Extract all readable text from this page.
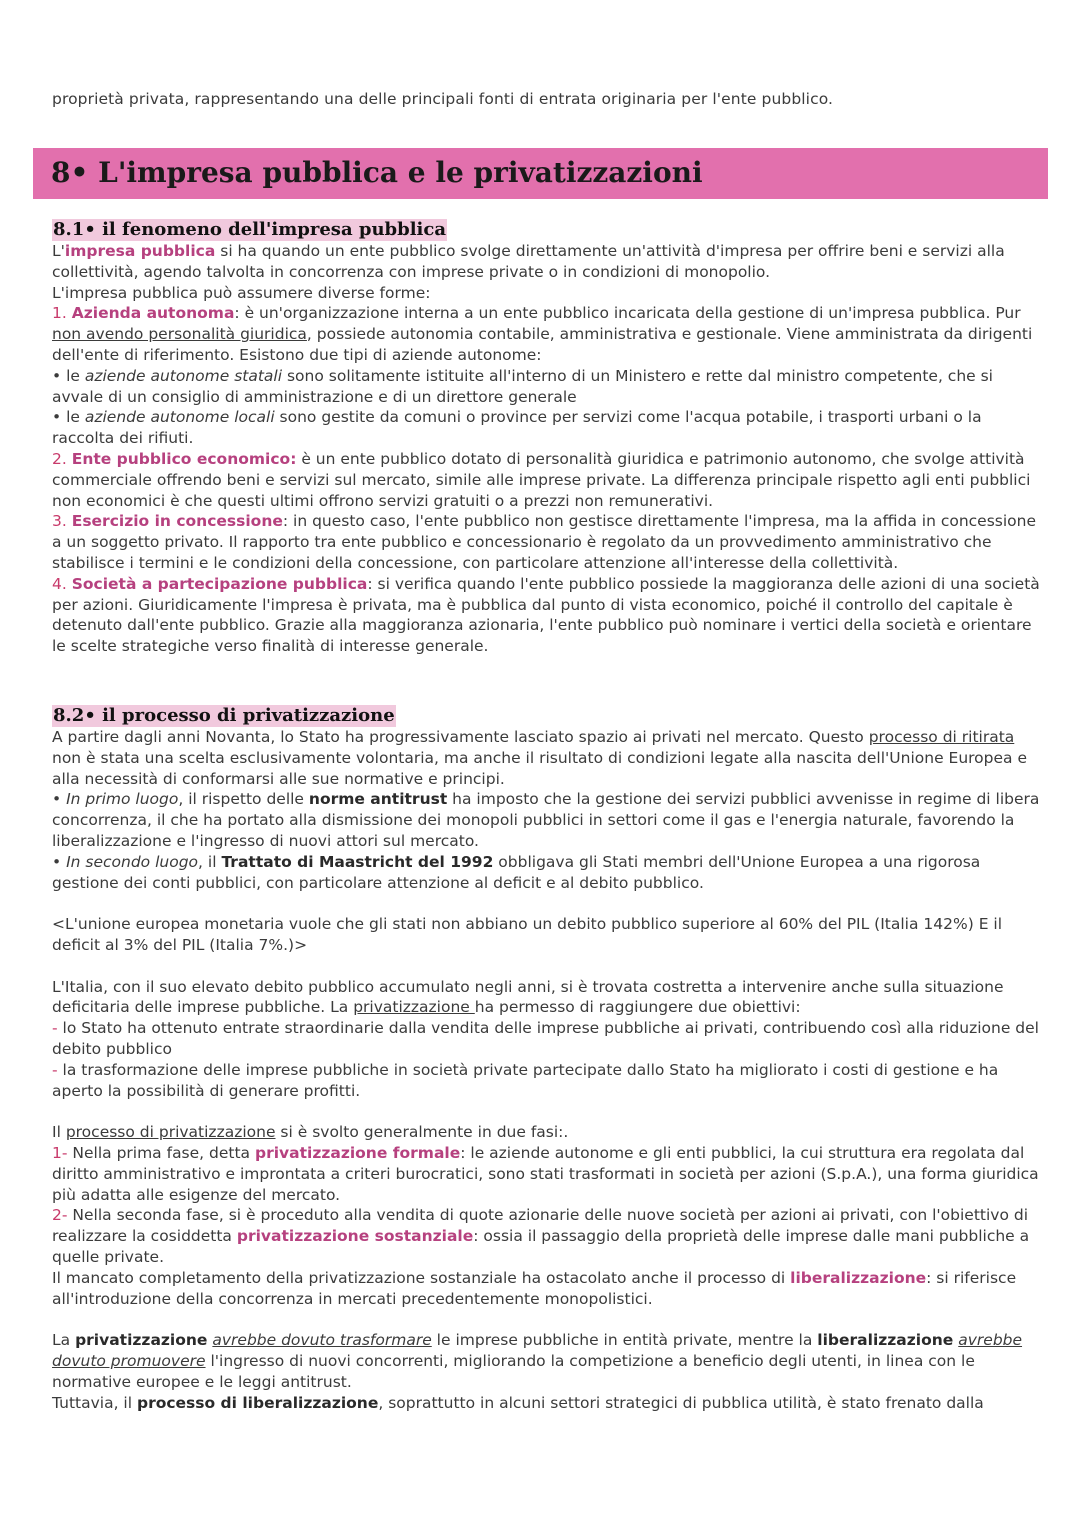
proprietà privata, rappresentando una delle principali fonti di entrata originaria per l'ente pubblico.

8• L'impresa pubblica e le privatizzazioni
8.1• il fenomeno dell'impresa pubblica

L'impresa pubblica si ha quando un ente pubblico svolge direttamente un'attività d'impresa per offrire beni e servizi alla collettività, agendo talvolta in concorrenza con imprese private o in condizioni di monopolio.

L'impresa pubblica può assumere diverse forme:

1. Azienda autonoma: è un'organizzazione interna a un ente pubblico incaricata della gestione di un'impresa pubblica. Pur non avendo personalità giuridica, possiede autonomia contabile, amministrativa e gestionale. Viene amministrata da dirigenti dell'ente di riferimento. Esistono due tipi di aziende autonome:

• le aziende autonome statali sono solitamente istituite all'interno di un Ministero e rette dal ministro competente, che si avvale di un consiglio di amministrazione e di un direttore generale

• le aziende autonome locali sono gestite da comuni o province per servizi come l'acqua potabile, i trasporti urbani o la raccolta dei rifiuti.

2. Ente pubblico economico: è un ente pubblico dotato di personalità giuridica e patrimonio autonomo, che svolge attività commerciale offrendo beni e servizi sul mercato, simile alle imprese private. La differenza principale rispetto agli enti pubblici non economici è che questi ultimi offrono servizi gratuiti o a prezzi non remunerativi.

3. Esercizio in concessione: in questo caso, l'ente pubblico non gestisce direttamente l'impresa, ma la affida in concessione a un soggetto privato. Il rapporto tra ente pubblico e concessionario è regolato da un provvedimento amministrativo che stabilisce i termini e le condizioni della concessione, con particolare attenzione all'interesse della collettività.

4. Società a partecipazione pubblica: si verifica quando l'ente pubblico possiede la maggioranza delle azioni di una società per azioni. Giuridicamente l'impresa è privata, ma è pubblica dal punto di vista economico, poiché il controllo del capitale è detenuto dall'ente pubblico. Grazie alla maggioranza azionaria, l'ente pubblico può nominare i vertici della società e orientare le scelte strategiche verso finalità di interesse generale.

8.2• il processo di privatizzazione

A partire dagli anni Novanta, lo Stato ha progressivamente lasciato spazio ai privati nel mercato. Questo processo di ritirata non è stata una scelta esclusivamente volontaria, ma anche il risultato di condizioni legate alla nascita dell'Unione Europea e alla necessità di conformarsi alle sue normative e principi.

• In primo luogo, il rispetto delle norme antitrust ha imposto che la gestione dei servizi pubblici avvenisse in regime di libera concorrenza, il che ha portato alla dismissione dei monopoli pubblici in settori come il gas e l'energia naturale, favorendo la liberalizzazione e l'ingresso di nuovi attori sul mercato.

• In secondo luogo, il Trattato di Maastricht del 1992 obbligava gli Stati membri dell'Unione Europea a una rigorosa gestione dei conti pubblici, con particolare attenzione al deficit e al debito pubblico.

<L'unione europea monetaria vuole che gli stati non abbiano un debito pubblico superiore al 60% del PIL (Italia 142%) E il deficit al 3% del PIL (Italia 7%.)>

L'Italia, con il suo elevato debito pubblico accumulato negli anni, si è trovata costretta a intervenire anche sulla situazione deficitaria delle imprese pubbliche. La privatizzazione ha permesso di raggiungere due obiettivi:

- lo Stato ha ottenuto entrate straordinarie dalla vendita delle imprese pubbliche ai privati, contribuendo così alla riduzione del debito pubblico

- la trasformazione delle imprese pubbliche in società private partecipate dallo Stato ha migliorato i costi di gestione e ha aperto la possibilità di generare profitti.

Il processo di privatizzazione si è svolto generalmente in due fasi:.

1- Nella prima fase, detta privatizzazione formale: le aziende autonome e gli enti pubblici, la cui struttura era regolata dal diritto amministrativo e improntata a criteri burocratici, sono stati trasformati in società per azioni (S.p.A.), una forma giuridica più adatta alle esigenze del mercato.

2- Nella seconda fase, si è proceduto alla vendita di quote azionarie delle nuove società per azioni ai privati, con l'obiettivo di realizzare la cosiddetta privatizzazione sostanziale: ossia il passaggio della proprietà delle imprese dalle mani pubbliche a quelle private.

Il mancato completamento della privatizzazione sostanziale ha ostacolato anche il processo di liberalizzazione: si riferisce all'introduzione della concorrenza in mercati precedentemente monopolistici.

La privatizzazione avrebbe dovuto trasformare le imprese pubbliche in entità private, mentre la liberalizzazione avrebbe dovuto promuovere l'ingresso di nuovi concorrenti, migliorando la competizione a beneficio degli utenti, in linea con le normative europee e le leggi antitrust.

Tuttavia, il processo di liberalizzazione, soprattutto in alcuni settori strategici di pubblica utilità, è stato frenato dalla
